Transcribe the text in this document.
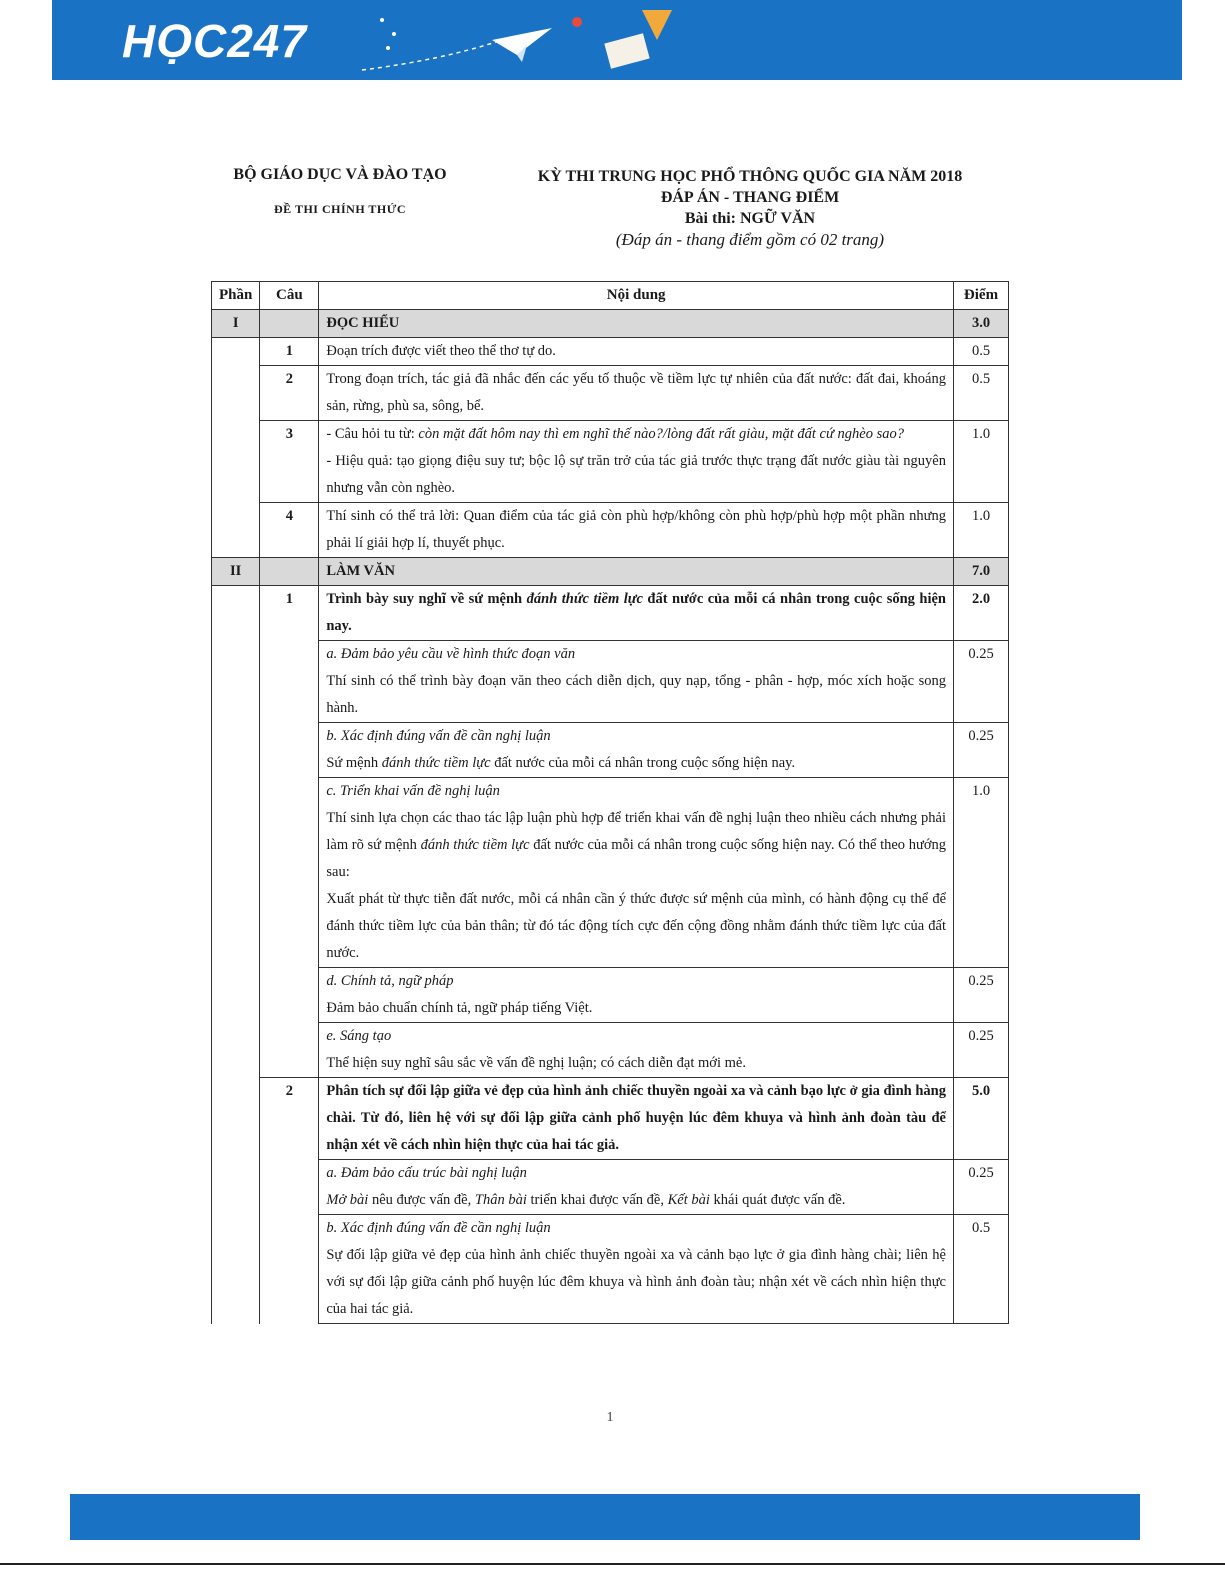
HỌC247
BỘ GIÁO DỤC VÀ ĐÀO TẠO
ĐỀ THI CHÍNH THỨC
KỲ THI TRUNG HỌC PHỔ THÔNG QUỐC GIA NĂM 2018
ĐÁP ÁN - THANG ĐIỂM
Bài thi: NGỮ VĂN
(Đáp án - thang điểm gồm có 02 trang)
Phần	Câu	Nội dung	Điểm
I		ĐỌC HIỂU	3.0
	1	Đoạn trích được viết theo thể thơ tự do.	0.5
	2	Trong đoạn trích, tác giả đã nhắc đến các yếu tố thuộc về tiềm lực tự nhiên của đất nước: đất đai, khoáng sản, rừng, phù sa, sông, bể.	0.5
	3	- Câu hỏi tu từ: còn mặt đất hôm nay thì em nghĩ thế nào?/lòng đất rất giàu, mặt đất cứ nghèo sao?
- Hiệu quả: tạo giọng điệu suy tư; bộc lộ sự trăn trở của tác giả trước thực trạng đất nước giàu tài nguyên nhưng vẫn còn nghèo.	1.0
	4	Thí sinh có thể trả lời: Quan điểm của tác giả còn phù hợp/không còn phù hợp/phù hợp một phần nhưng phải lí giải hợp lí, thuyết phục.	1.0
II		LÀM VĂN	7.0
	1	Trình bày suy nghĩ về sứ mệnh đánh thức tiềm lực đất nước của mỗi cá nhân trong cuộc sống hiện nay.	2.0
		a. Đảm bảo yêu cầu về hình thức đoạn văn
Thí sinh có thể trình bày đoạn văn theo cách diễn dịch, quy nạp, tổng - phân - hợp, móc xích hoặc song hành.	0.25
		b. Xác định đúng vấn đề cần nghị luận
Sứ mệnh đánh thức tiềm lực đất nước của mỗi cá nhân trong cuộc sống hiện nay.	0.25
		c. Triển khai vấn đề nghị luận
Thí sinh lựa chọn các thao tác lập luận phù hợp để triển khai vấn đề nghị luận theo nhiều cách nhưng phải làm rõ sứ mệnh đánh thức tiềm lực đất nước của mỗi cá nhân trong cuộc sống hiện nay. Có thể theo hướng sau:
Xuất phát từ thực tiễn đất nước, mỗi cá nhân cần ý thức được sứ mệnh của mình, có hành động cụ thể để đánh thức tiềm lực của bản thân; từ đó tác động tích cực đến cộng đồng nhằm đánh thức tiềm lực của đất nước.	1.0
		d. Chính tả, ngữ pháp
Đảm bảo chuẩn chính tả, ngữ pháp tiếng Việt.	0.25
		e. Sáng tạo
Thể hiện suy nghĩ sâu sắc về vấn đề nghị luận; có cách diễn đạt mới mẻ.	0.25
	2	Phân tích sự đối lập giữa vẻ đẹp của hình ảnh chiếc thuyền ngoài xa và cảnh bạo lực ở gia đình hàng chài. Từ đó, liên hệ với sự đối lập giữa cảnh phố huyện lúc đêm khuya và hình ảnh đoàn tàu để nhận xét về cách nhìn hiện thực của hai tác giả.	5.0
		a. Đảm bảo cấu trúc bài nghị luận
Mở bài nêu được vấn đề, Thân bài triển khai được vấn đề, Kết bài khái quát được vấn đề.	0.25
		b. Xác định đúng vấn đề cần nghị luận
Sự đối lập giữa vẻ đẹp của hình ảnh chiếc thuyền ngoài xa và cảnh bạo lực ở gia đình hàng chài; liên hệ với sự đối lập giữa cảnh phố huyện lúc đêm khuya và hình ảnh đoàn tàu; nhận xét về cách nhìn hiện thực của hai tác giả.	0.5
1
